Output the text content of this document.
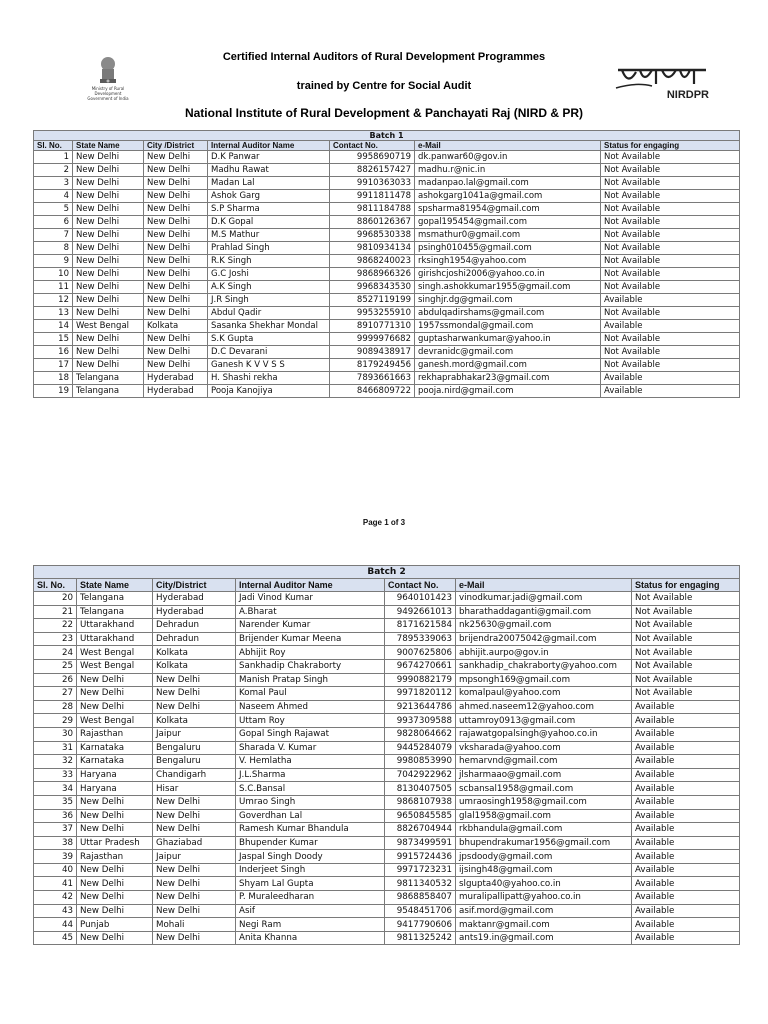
Ministry of Rural Development
Government of India	NIRDPR
Certified Internal Auditors of Rural Development Programmes
trained by Centre for Social Audit
National Institute of Rural Development & Panchayati Raj (NIRD & PR)
Batch 1						
Sl. No.	State Name	City /District	Internal Auditor Name	Contact No.	e-Mail	Status for engaging
1	New Delhi	New Delhi	D.K Panwar	9958690719	dk.panwar60@gov.in	Not Available
2	New Delhi	New Delhi	Madhu Rawat	8826157427	madhu.r@nic.in	Not Available
3	New Delhi	New Delhi	Madan Lal	9910363033	madanpao.lal@gmail.com	Not Available
4	New Delhi	New Delhi	Ashok Garg	9911811478	ashokgarg1041a@gmail.com	Not Available
5	New Delhi	New Delhi	S.P Sharma	9811184788	spsharma81954@gmail.com	Not Available
6	New Delhi	New Delhi	D.K Gopal	8860126367	gopal195454@gmail.com	Not Available
7	New Delhi	New Delhi	M.S Mathur	9968530338	msmathur0@gmail.com	Not Available
8	New Delhi	New Delhi	Prahlad Singh	9810934134	psingh010455@gmail.com	Not Available
9	New Delhi	New Delhi	R.K Singh	9868240023	rksingh1954@yahoo.com	Not Available
10	New Delhi	New Delhi	G.C Joshi	9868966326	girishcjoshi2006@yahoo.co.in	Not Available
11	New Delhi	New Delhi	A.K Singh	9968343530	singh.ashokkumar1955@gmail.com	Not Available
12	New Delhi	New Delhi	J.R Singh	8527119199	singhjr.dg@gmail.com	Available
13	New Delhi	New Delhi	Abdul Qadir	9953255910	abdulqadirshams@gmail.com	Not Available
14	West Bengal	Kolkata	Sasanka Shekhar Mondal	8910771310	1957ssmondal@gmail.com	Available
15	New Delhi	New Delhi	S.K Gupta	9999976682	guptasharwankumar@yahoo.in	Not Available
16	New Delhi	New Delhi	D.C Devarani	9089438917	devranidc@gmail.com	Not Available
17	New Delhi	New Delhi	Ganesh K V V S S	8179249456	ganesh.mord@gmail.com	Not Available
18	Telangana	Hyderabad	H. Shashi rekha	7893661663	rekhaprabhakar23@gmail.com	Available
19	Telangana	Hyderabad	Pooja Kanojiya	8466809722	pooja.nird@gmail.com	Available
Page 1 of 3
Batch 2						
Sl. No.	State Name	City/District	Internal Auditor Name	Contact No.	e-Mail	Status for engaging
20	Telangana	Hyderabad	Jadi Vinod Kumar	9640101423	vinodkumar.jadi@gmail.com	Not Available
21	Telangana	Hyderabad	A.Bharat	9492661013	bharathaddaganti@gmail.com	Not Available
22	Uttarakhand	Dehradun	Narender Kumar	8171621584	nk25630@gmail.com	Not Available
23	Uttarakhand	Dehradun	Brijender Kumar Meena	7895339063	brijendra20075042@gmail.com	Not Available
24	West Bengal	Kolkata	Abhijit Roy	9007625806	abhijit.aurpo@gov.in	Not Available
25	West Bengal	Kolkata	Sankhadip Chakraborty	9674270661	sankhadip_chakraborty@yahoo.com	Not Available
26	New Delhi	New Delhi	Manish Pratap Singh	9990882179	mpsongh169@gmail.com	Not Available
27	New Delhi	New Delhi	Komal Paul	9971820112	komalpaul@yahoo.com	Not Available
28	New Delhi	New Delhi	Naseem Ahmed	9213644786	ahmed.naseem12@yahoo.com	Available
29	West Bengal	Kolkata	Uttam Roy	9937309588	uttamroy0913@gmail.com	Available
30	Rajasthan	Jaipur	Gopal Singh Rajawat	9828064662	rajawatgopalsingh@yahoo.co.in	Available
31	Karnataka	Bengaluru	Sharada V. Kumar	9445284079	vksharada@yahoo.com	Available
32	Karnataka	Bengaluru	V. Hemlatha	9980853990	hemarvnd@gmail.com	Available
33	Haryana	Chandigarh	J.L.Sharma	7042922962	jlsharmaao@gmail.com	Available
34	Haryana	Hisar	S.C.Bansal	8130407505	scbansal1958@gmail.com	Available
35	New Delhi	New Delhi	Umrao Singh	9868107938	umraosingh1958@gmail.com	Available
36	New Delhi	New Delhi	Goverdhan Lal	9650845585	glal1958@gmail.com	Available
37	New Delhi	New Delhi	Ramesh Kumar Bhandula	8826704944	rkbhandula@gmail.com	Available
38	Uttar Pradesh	Ghaziabad	Bhupender Kumar	9873499591	bhupendrakumar1956@gmail.com	Available
39	Rajasthan	Jaipur	Jaspal Singh Doody	9915724436	jpsdoody@gmail.com	Available
40	New Delhi	New Delhi	Inderjeet Singh	9971723231	ijsingh48@gmail.com	Available
41	New Delhi	New Delhi	Shyam Lal Gupta	9811340532	slgupta40@yahoo.co.in	Available
42	New Delhi	New Delhi	P. Muraleedharan	9868858407	muralipallipatt@yahoo.co.in	Available
43	New Delhi	New Delhi	Asif	9548451706	asif.mord@gmail.com	Available
44	Punjab	Mohali	Negi Ram	9417790606	maktanr@gmail.com	Available
45	New Delhi	New Delhi	Anita Khanna	9811325242	ants19.in@gmail.com	Available
